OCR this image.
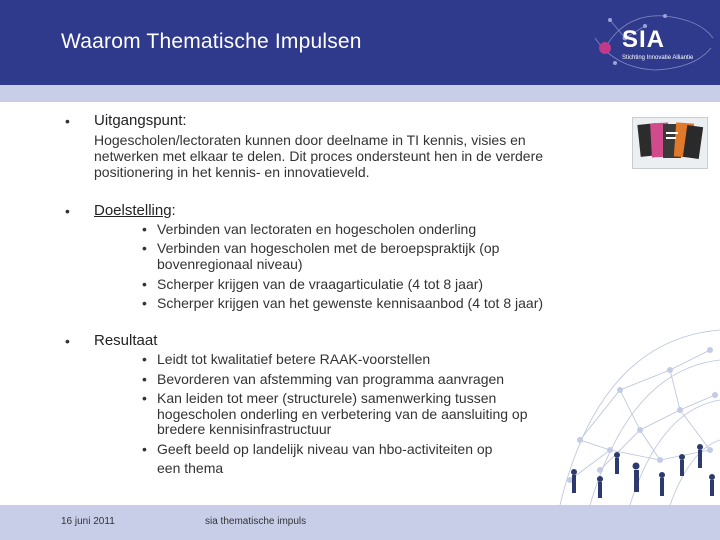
Waarom Thematische Impulsen	SIA
Stichting Innovatie Alliantie
• Uitgangspunt:
Hogescholen/lectoraten kunnen door deelname in TI kennis, visies en
netwerken met elkaar te delen. Dit proces ondersteunt hen in de verdere
positionering in het kennis- en innovatieveld.
• Doelstelling:
• Verbinden van lectoraten en hogescholen onderling
• Verbinden van hogescholen met de beroepspraktijk (op
bovenregionaal niveau)
• Scherper krijgen van de vraagarticulatie (4 tot 8 jaar)
• Scherper krijgen van het gewenste kennisaanbod (4 tot 8 jaar)
• Resultaat
• Leidt tot kwalitatief betere RAAK-voorstellen
• Bevorderen van afstemming van programma aanvragen
• Kan leiden tot meer (structurele) samenwerking tussen
hogescholen onderling en verbetering van de aansluiting op
bredere kennisinfrastructuur
• Geeft beeld op landelijk niveau van hbo-activiteiten op
een thema
16 juni 2011	sia thematische impuls
